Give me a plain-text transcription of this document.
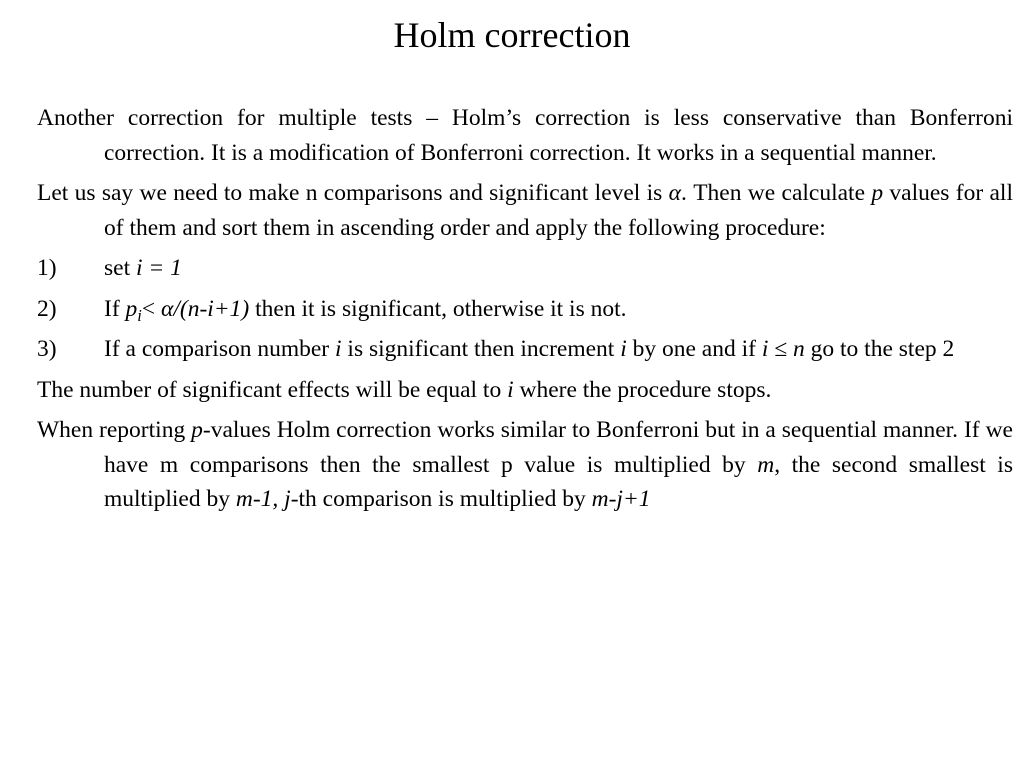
Holm correction

Another correction for multiple tests – Holm’s correction is less conservative than Bonferroni correction. It is a modification of Bonferroni correction. It works in a sequential manner.

Let us say we need to make n comparisons and significant level is α. Then we calculate p values for all of them and sort them in ascending order and apply the following procedure:

1)	set i = 1
2)	If $p_i< \alpha/(n-i+1)$ then it is significant, otherwise it is not.
3)	If a comparison number i is significant then increment i by one and if i ≤ n go to the step 2

The number of significant effects will be equal to i where the procedure stops.

When reporting p-values Holm correction works similar to Bonferroni but in a sequential manner. If we have m comparisons then the smallest p value is multiplied by m, the second smallest is multiplied by m-1, j-th comparison is multiplied by m-j+1
